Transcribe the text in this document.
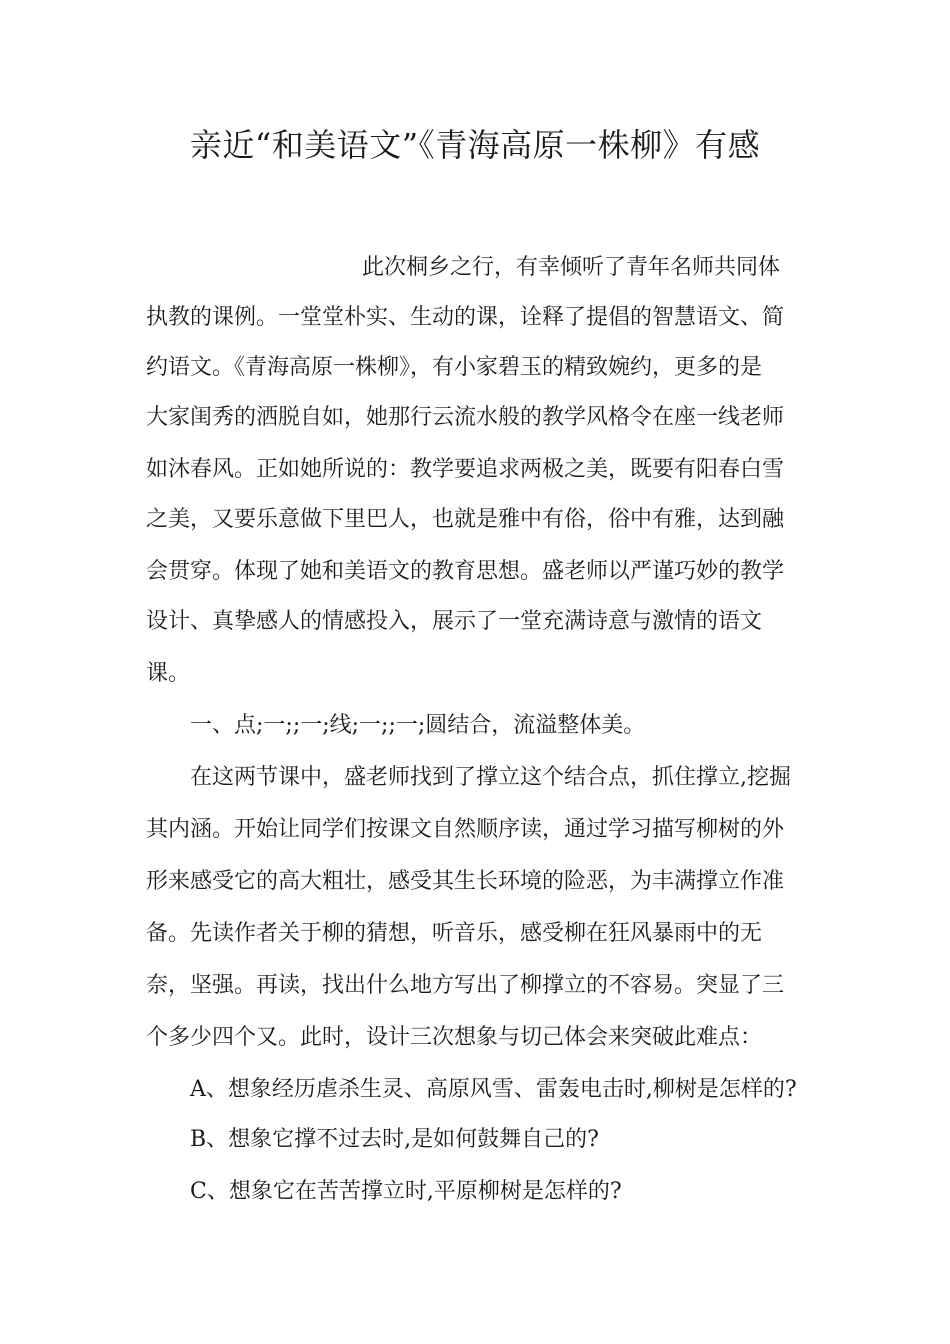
亲近“和美语文”《青海高原一株柳》有感
此次桐乡之行，有幸倾听了青年名师共同体
执教的课例。一堂堂朴实、生动的课，诠释了提倡的智慧语文、简
约语文。《青海高原一株柳》，有小家碧玉的精致婉约，更多的是
大家闺秀的洒脱自如，她那行云流水般的教学风格令在座一线老师
如沐春风。正如她所说的：教学要追求两极之美，既要有阳春白雪
之美，又要乐意做下里巴人，也就是雅中有俗，俗中有雅，达到融
会贯穿。体现了她和美语文的教育思想。盛老师以严谨巧妙的教学
设计、真挚感人的情感投入，展示了一堂充满诗意与激情的语文
课。
一、点;一;;一;线;一;;一;圆结合，流溢整体美。
在这两节课中，盛老师找到了撑立这个结合点，抓住撑立,挖掘
其内涵。开始让同学们按课文自然顺序读，通过学习描写柳树的外
形来感受它的高大粗壮，感受其生长环境的险恶，为丰满撑立作准
备。先读作者关于柳的猜想，听音乐，感受柳在狂风暴雨中的无
奈，坚强。再读，找出什么地方写出了柳撑立的不容易。突显了三
个多少四个又。此时，设计三次想象与切己体会来突破此难点：
A、想象经历虐杀生灵、高原风雪、雷轰电击时,柳树是怎样的?
B、想象它撑不过去时,是如何鼓舞自己的?
C、想象它在苦苦撑立时,平原柳树是怎样的?
